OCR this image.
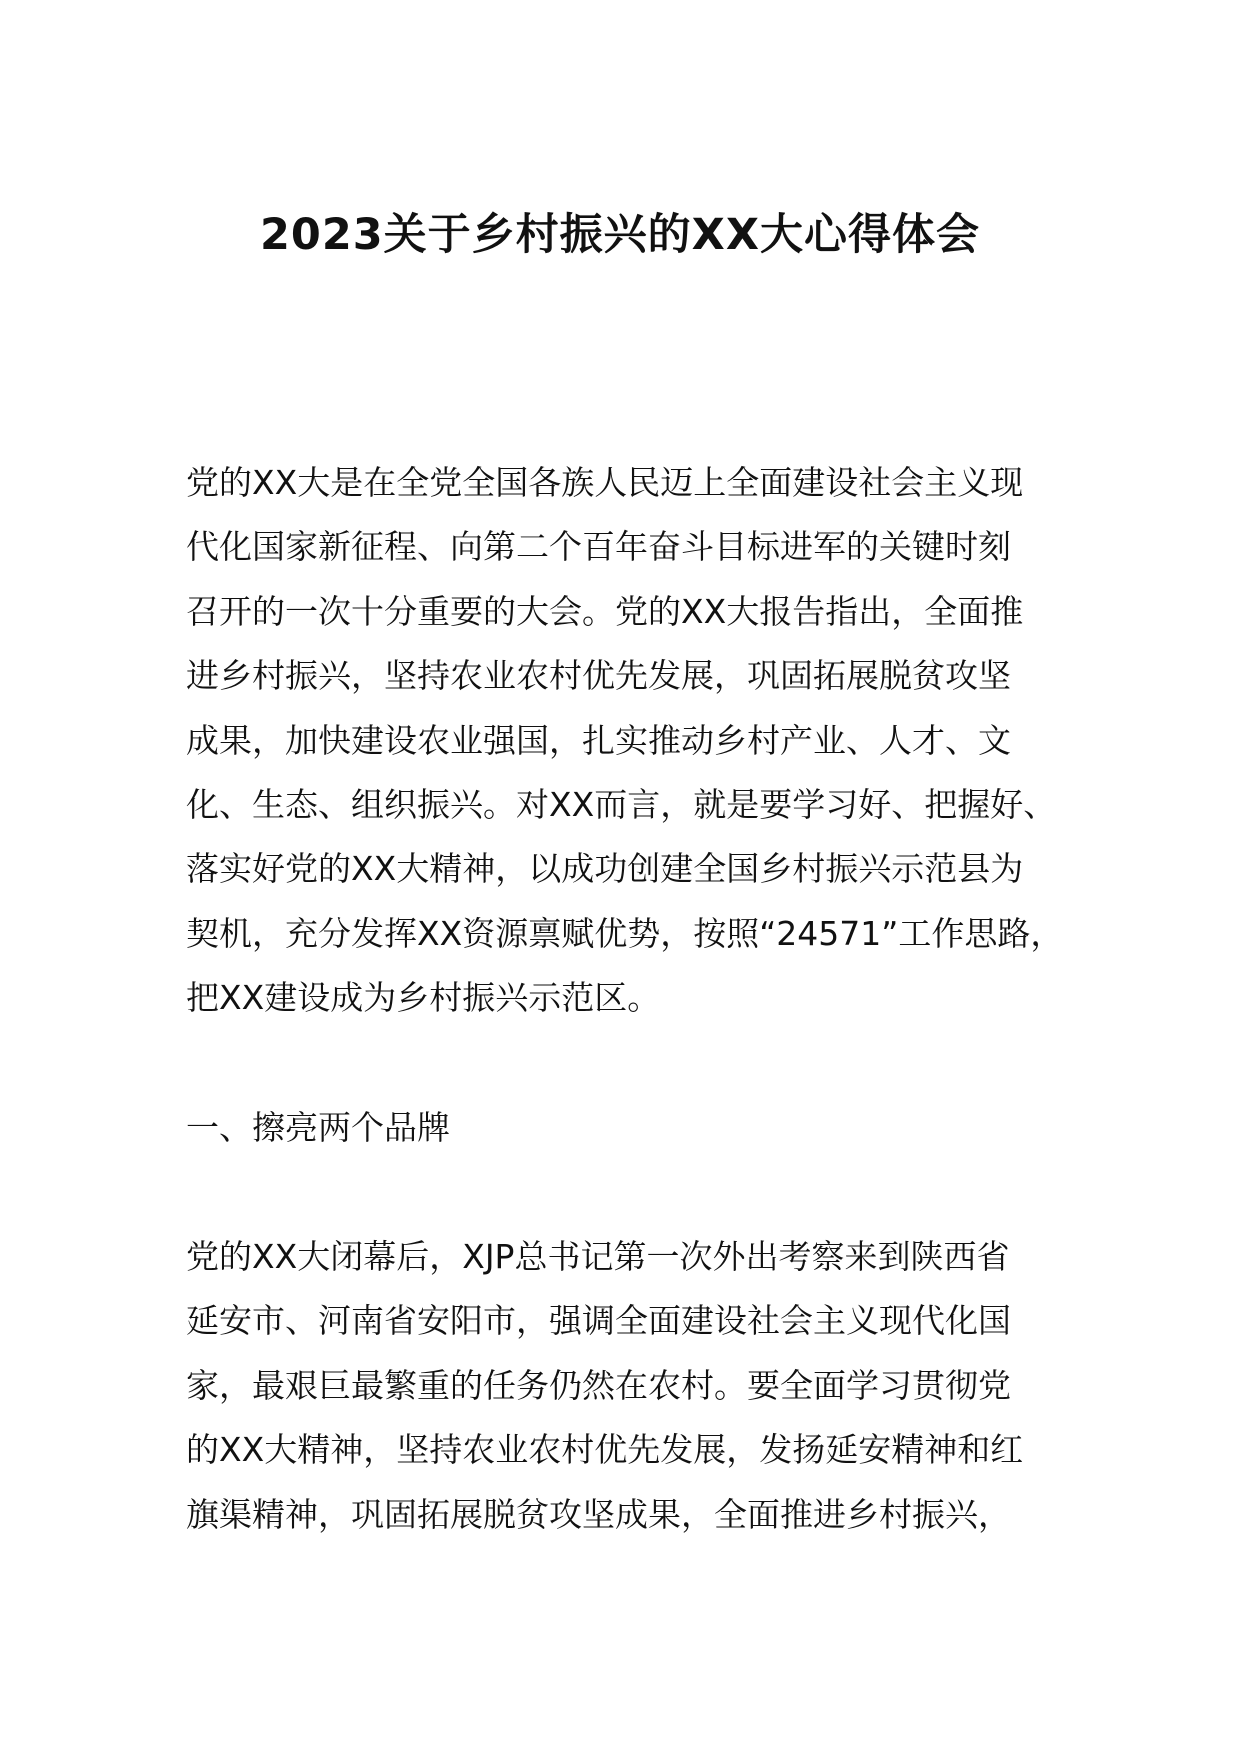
2023关于乡村振兴的XX大心得体会
党的XX大是在全党全国各族人民迈上全面建设社会主义现
代化国家新征程、向第二个百年奋斗目标进军的关键时刻
召开的一次十分重要的大会。党的XX大报告指出，全面推
进乡村振兴，坚持农业农村优先发展，巩固拓展脱贫攻坚
成果，加快建设农业强国，扎实推动乡村产业、人才、文
化、生态、组织振兴。对XX而言，就是要学习好、把握好、
落实好党的XX大精神，以成功创建全国乡村振兴示范县为
契机，充分发挥XX资源禀赋优势，按照“24571”工作思路，
把XX建设成为乡村振兴示范区。
一、擦亮两个品牌
党的XX大闭幕后，XJP总书记第一次外出考察来到陕西省
延安市、河南省安阳市，强调全面建设社会主义现代化国
家，最艰巨最繁重的任务仍然在农村。要全面学习贯彻党
的XX大精神，坚持农业农村优先发展，发扬延安精神和红
旗渠精神，巩固拓展脱贫攻坚成果，全面推进乡村振兴，
